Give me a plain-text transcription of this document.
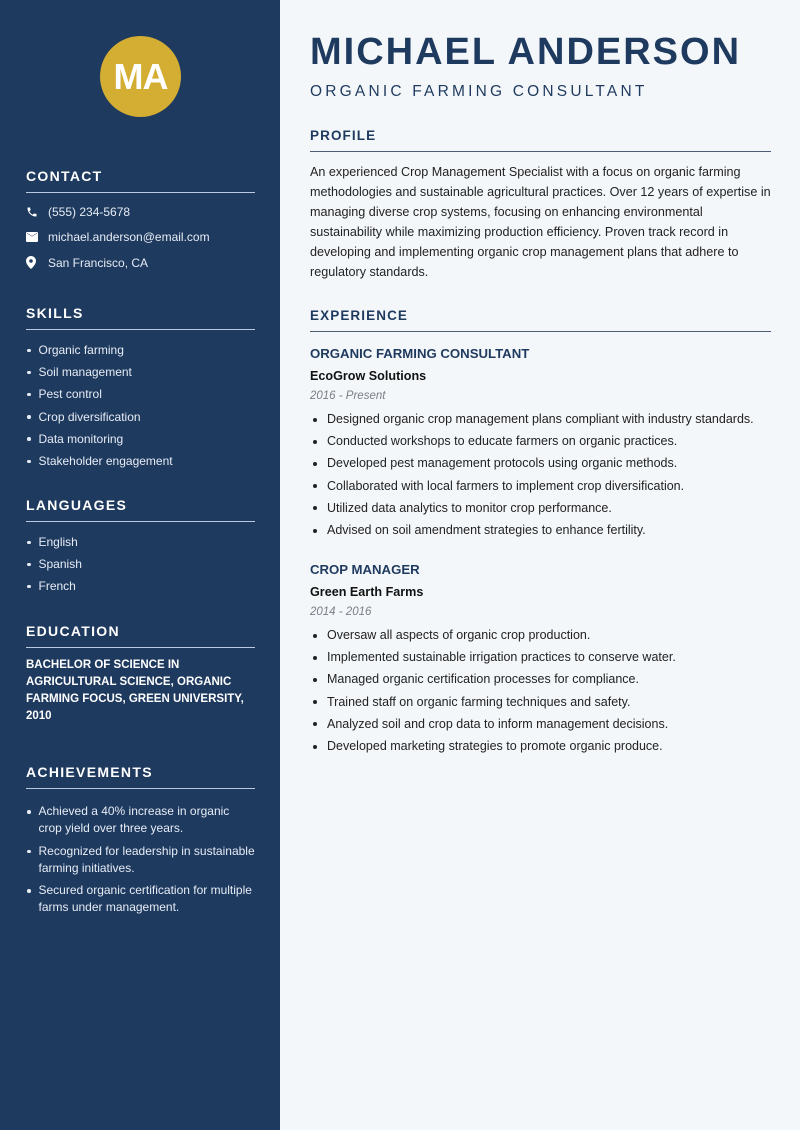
MA
CONTACT
(555) 234-5678
michael.anderson@email.com
San Francisco, CA
SKILLS
Organic farming
Soil management
Pest control
Crop diversification
Data monitoring
Stakeholder engagement
LANGUAGES
English
Spanish
French
EDUCATION

BACHELOR OF SCIENCE IN AGRICULTURAL SCIENCE, ORGANIC FARMING FOCUS, GREEN UNIVERSITY, 2010

ACHIEVEMENTS
Achieved a 40% increase in organic crop yield over three years.
Recognized for leadership in sustainable farming initiatives.
Secured organic certification for multiple farms under management.
MICHAEL ANDERSON
ORGANIC FARMING CONSULTANT
PROFILE

An experienced Crop Management Specialist with a focus on organic farming methodologies and sustainable agricultural practices. Over 12 years of expertise in managing diverse crop systems, focusing on enhancing environmental sustainability while maximizing production efficiency. Proven track record in developing and implementing organic crop management plans that adhere to regulatory standards.

EXPERIENCE
ORGANIC FARMING CONSULTANT
EcoGrow Solutions
2016 - Present
Designed organic crop management plans compliant with industry standards.
Conducted workshops to educate farmers on organic practices.
Developed pest management protocols using organic methods.
Collaborated with local farmers to implement crop diversification.
Utilized data analytics to monitor crop performance.
Advised on soil amendment strategies to enhance fertility.
CROP MANAGER
Green Earth Farms
2014 - 2016
Oversaw all aspects of organic crop production.
Implemented sustainable irrigation practices to conserve water.
Managed organic certification processes for compliance.
Trained staff on organic farming techniques and safety.
Analyzed soil and crop data to inform management decisions.
Developed marketing strategies to promote organic produce.
